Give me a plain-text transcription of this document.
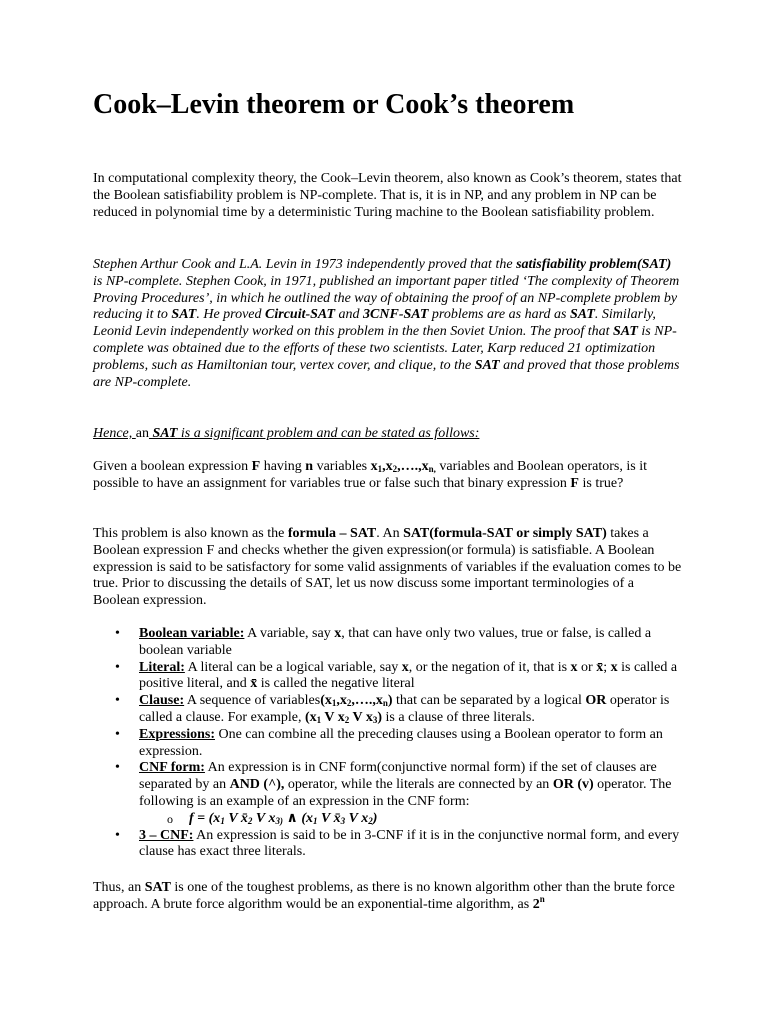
Cook–Levin theorem or Cook’s theorem

In computational complexity theory, the Cook–Levin theorem, also known as Cook’s theorem, states that the Boolean satisfiability problem is NP-complete. That is, it is in NP, and any problem in NP can be reduced in polynomial time by a deterministic Turing machine to the Boolean satisfiability problem.

Stephen Arthur Cook and L.A. Levin in 1973 independently proved that the satisfiability problem(SAT) is NP-complete. Stephen Cook, in 1971, published an important paper titled ‘The complexity of Theorem Proving Procedures’, in which he outlined the way of obtaining the proof of an NP-complete problem by reducing it to SAT. He proved Circuit-SAT and 3CNF-SAT problems are as hard as SAT. Similarly, Leonid Levin independently worked on this problem in the then Soviet Union. The proof that SAT is NP-complete was obtained due to the efforts of these two scientists. Later, Karp reduced 21 optimization problems, such as Hamiltonian tour, vertex cover, and clique, to the SAT and proved that those problems are NP-complete.

Hence, an SAT is a significant problem and can be stated as follows:

Given a boolean expression F having n variables $x_1,x_2,\dots.,x_{n,}$ variables and Boolean operators, is it possible to have an assignment for variables true or false such that binary expression F is true?

This problem is also known as the formula – SAT. An SAT(formula-SAT or simply SAT) takes a Boolean expression F and checks whether the given expression(or formula) is satisfiable. A Boolean expression is said to be satisfactory for some valid assignments of variables if the evaluation comes to be true. Prior to discussing the details of SAT, let us now discuss some important terminologies of a Boolean expression.

• Boolean variable: A variable, say x, that can have only two values, true or false, is called a boolean variable
• Literal: A literal can be a logical variable, say x, or the negation of it, that is x or x̄; x is called a positive literal, and x̄ is called the negative literal
• Clause: A sequence of $variables(x_1,x_2,\dots.,x_n)$ that can be separated by a logical OR operator is called a clause. For example, ($x_1$ V $x_2$ V $x_3$) is a clause of three literals.
• Expressions: One can combine all the preceding clauses using a Boolean operator to form an expression.
• CNF form: An expression is in CNF form(conjunctive normal form) if the set of clauses are separated by an AND (^), operator, while the literals are connected by an OR (v) operator. The following is an example of an expression in the CNF form:
o $f = (x_1$ V $x̄_2$ V $x_{3)}$ ∧ ($x_1$ V $x̄_3$ V $x_2$)
• 3 – CNF: An expression is said to be in 3-CNF if it is in the conjunctive normal form, and every clause has exact three literals.

Thus, an SAT is one of the toughest problems, as there is no known algorithm other than the brute force approach. A brute force algorithm would be an exponential-time algorithm, as 2$^n$
